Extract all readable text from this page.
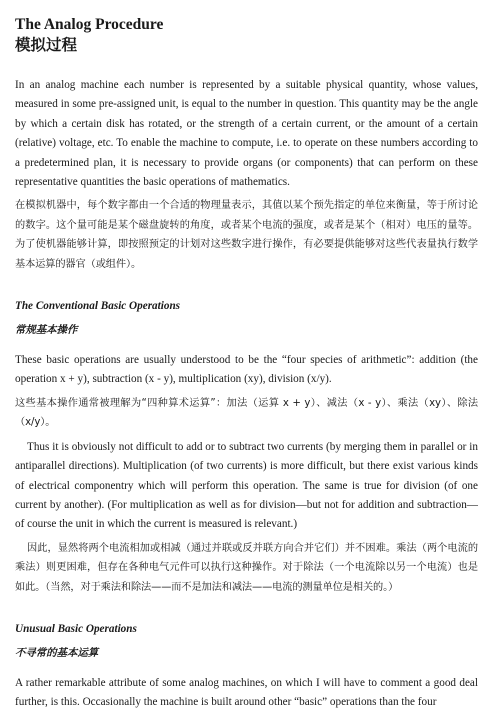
The Analog Procedure
模拟过程

In an analog machine each number is represented by a suitable physical quantity, whose values, measured in some pre-assigned unit, is equal to the number in question. This quantity may be the angle by which a certain disk has rotated, or the strength of a certain current, or the amount of a certain (relative) voltage, etc. To enable the machine to compute, i.e. to operate on these numbers according to a predetermined plan, it is necessary to provide organs (or components) that can perform on these representative quantities the basic operations of mathematics.

在模拟机器中，每个数字都由一个合适的物理量表示，其值以某个预先指定的单位来衡量，等于所讨论的数字。这个量可能是某个磁盘旋转的角度，或者某个电流的强度，或者是某个（相对）电压的量等。为了使机器能够计算，即按照预定的计划对这些数字进行操作，有必要提供能够对这些代表量执行数学基本运算的器官（或组件）。

The Conventional Basic Operations
常规基本操作

These basic operations are usually understood to be the “four species of arithmetic”: addition (the operation x + y), subtraction (x - y), multiplication (xy), division (x/y).

这些基本操作通常被理解为“四种算术运算”：加法（运算 x + y）、减法（x - y）、乘法（xy）、除法（x/y）。

Thus it is obviously not difficult to add or to subtract two currents (by merging them in parallel or in antiparallel directions). Multiplication (of two currents) is more difficult, but there exist various kinds of electrical componentry which will perform this operation. The same is true for division (of one current by another). (For multiplication as well as for division—but not for addition and subtraction—of course the unit in which the current is measured is relevant.)

因此，显然将两个电流相加或相减（通过并联或反并联方向合并它们）并不困难。乘法（两个电流的乘法）则更困难，但存在各种电气元件可以执行这种操作。对于除法（一个电流除以另一个电流）也是如此。（当然，对于乘法和除法——而不是加法和减法——电流的测量单位是相关的。）

Unusual Basic Operations
不寻常的基本运算

A rather remarkable attribute of some analog machines, on which I will have to comment a good deal further, is this. Occasionally the machine is built around other “basic” operations than the four
